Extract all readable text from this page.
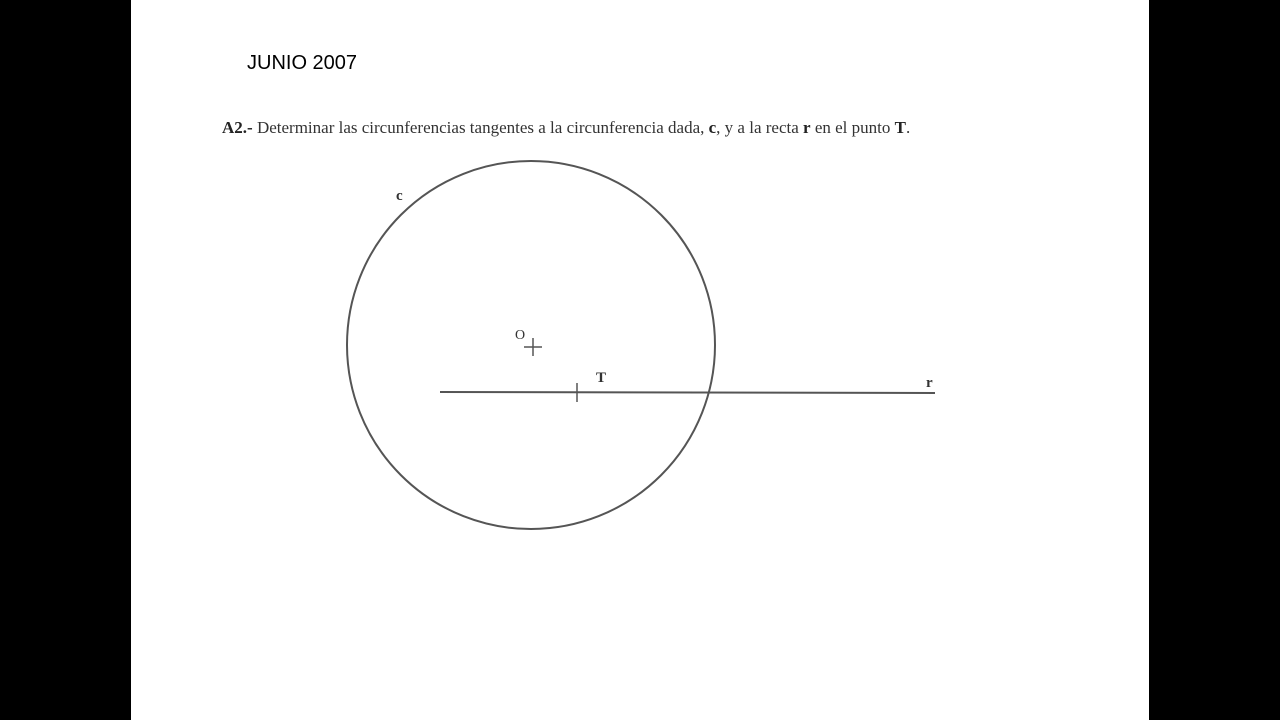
JUNIO 2007
A2.- Determinar las circunferencias tangentes a la circunferencia dada, c, y a la recta r en el punto T.
c
O
T	r
